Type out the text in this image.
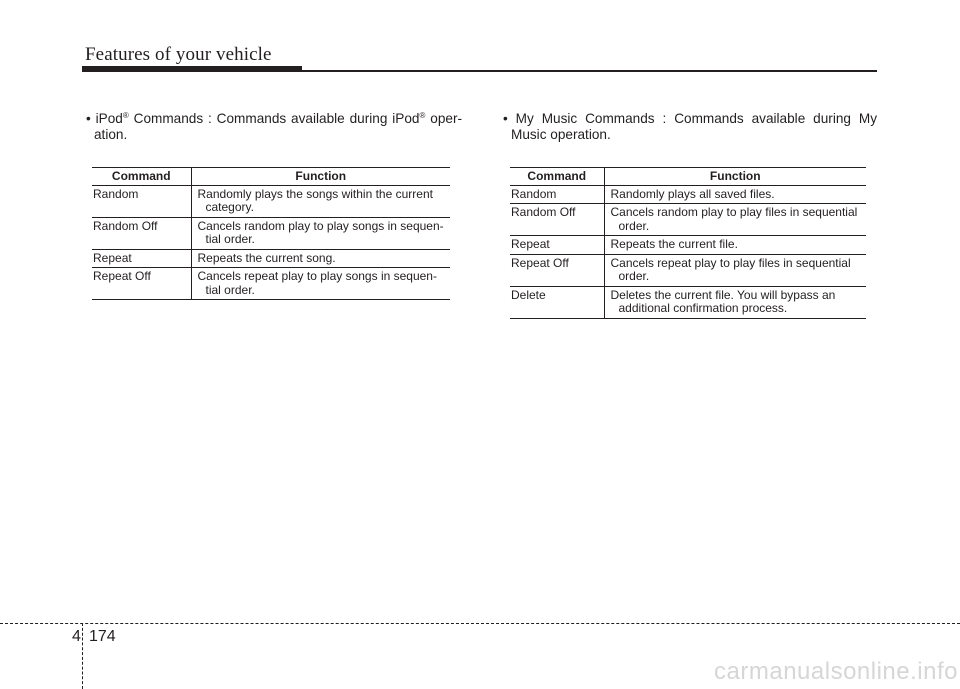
Features of your vehicle
• iPod® Commands : Commands available during iPod® oper-
ation.
• My Music Commands : Commands available during My
Music operation.
Command	Function
Random	Randomly plays the songs within the current
category.

Random Off	Cancels random play to play songs in sequen-
tial order.

Repeat	Repeats the current song.
Repeat Off	Cancels repeat play to play songs in sequen-
tial order.
Command	Function
Random	Randomly plays all saved files.
Random Off	Cancels random play to play files in sequential
order.

Repeat	Repeats the current file.
Repeat Off	Cancels repeat play to play files in sequential
order.

Delete	Deletes the current file. You will bypass an
additional confirmation process.
4 174
carmanualsonline.info
